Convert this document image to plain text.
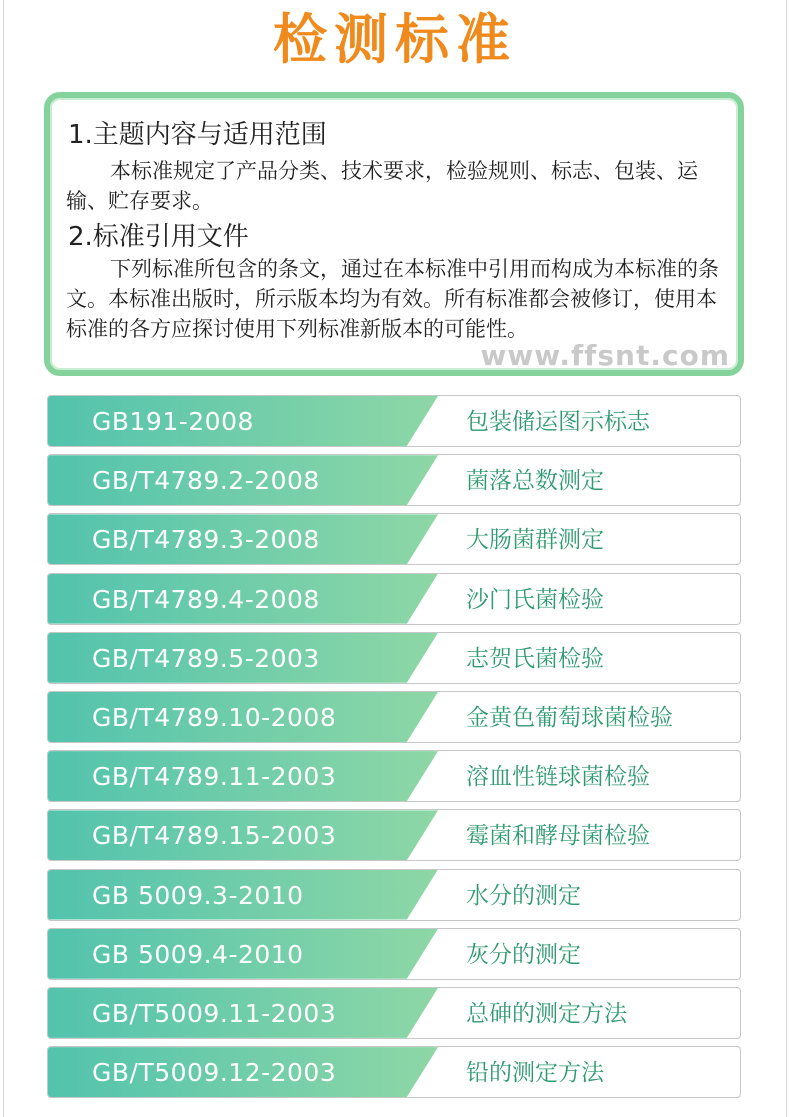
检测标准
1.主题内容与适用范围

本标准规定了产品分类、技术要求，检验规则、标志、包装、运输、贮存要求。

2.标准引用文件

下列标准所包含的条文，通过在本标准中引用而构成为本标准的条文。本标准出版时，所示版本均为有效。所有标准都会被修订，使用本标准的各方应探讨使用下列标准新版本的可能性。

www.ffsnt.com
GB191-2008	包装储运图示标志
GB/T4789.2-2008	菌落总数测定
GB/T4789.3-2008	大肠菌群测定
GB/T4789.4-2008	沙门氏菌检验
GB/T4789.5-2003	志贺氏菌检验
GB/T4789.10-2008	金黄色葡萄球菌检验
GB/T4789.11-2003	溶血性链球菌检验
GB/T4789.15-2003	霉菌和酵母菌检验
GB 5009.3-2010	水分的测定
GB 5009.4-2010	灰分的测定
GB/T5009.11-2003	总砷的测定方法
GB/T5009.12-2003	铅的测定方法
